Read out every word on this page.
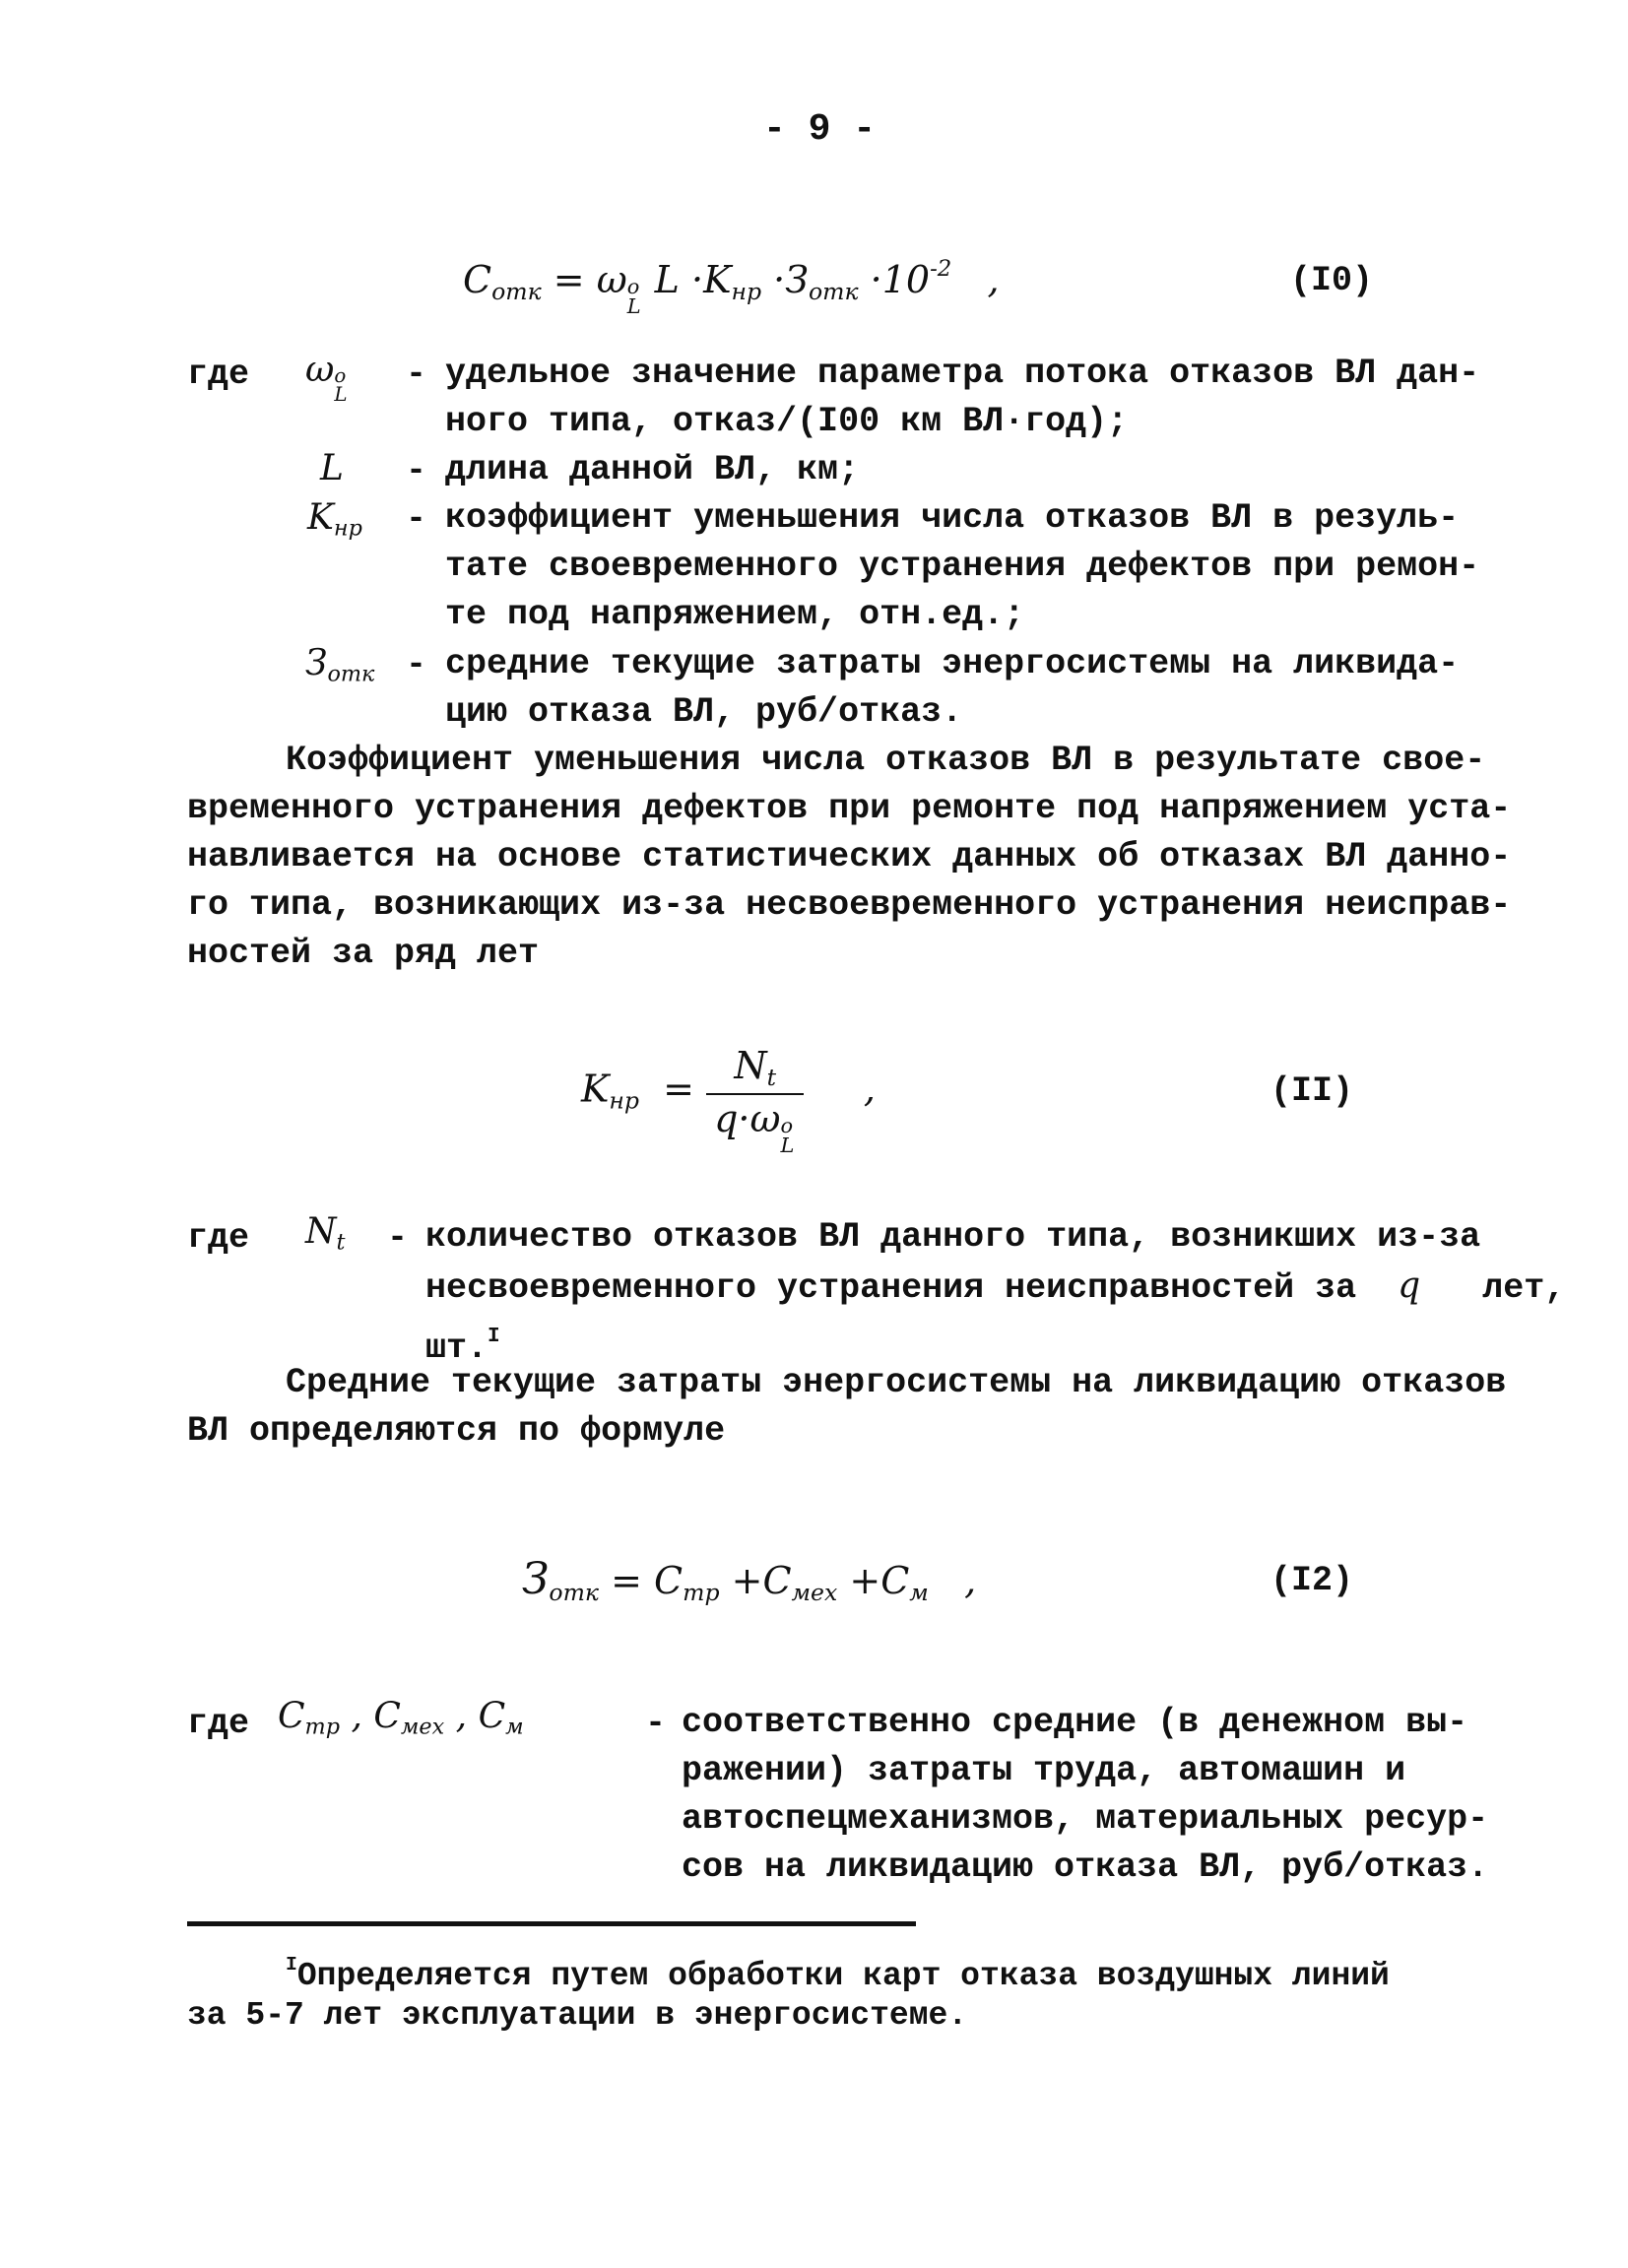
- 9 -
$С_{отк} = \omega$ o
L
$L \cdot K_{нр} \cdot З_{отк} \cdot 10^{-2}$ ,	(I0)
где ω o
L
- удельное значение параметра потока отказов ВЛ дан-
ного типа, отказ/(I00 км ВЛ·год);
L - длина данной ВЛ, км;
$K_{нр}$ - коэффициент уменьшения числа отказов ВЛ в резуль-
тате своевременного устранения дефектов при ремон-
те под напряжением, отн.ед.;
$З_{отк}$ - средние текущие затраты энергосистемы на ликвида-
цию отказа ВЛ, руб/отказ.
Коэффициент уменьшения числа отказов ВЛ в результате свое-
временного устранения дефектов при ремонте под напряжением уста-
навливается на основе статистических данных об отказах ВЛ данно-
го типа, возникающих из-за несвоевременного устранения неисправ-
ностей за ряд лет
$K_{нр} = N_t$
q·ω o
L
,	(II)
где $N_t$ - количество отказов ВЛ данного типа, возникших из-за
несвоевременного устранения неисправностей за q лет,
шт.$^I$
Средние текущие затраты энергосистемы на ликвидацию отказов
ВЛ определяются по формуле
$З_{отк} = С_{тр} +С_{мех} +С_м$ ,	(I2)
где $С_{тр}$ , $С_{мех}$ , $С_м$	- соответственно средние (в денежном вы-
ражении) затраты труда, автомашин и
автоспецмеханизмов, материальных ресур-
сов на ликвидацию отказа ВЛ, руб/отказ.
$^I$Определяется путем обработки карт отказа воздушных линий
за 5-7 лет эксплуатации в энергосистеме.
